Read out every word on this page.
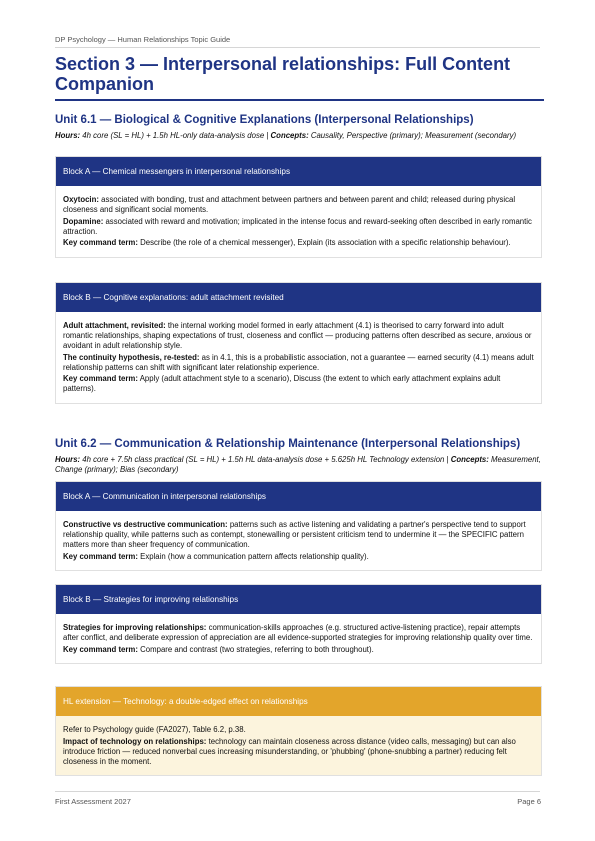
DP Psychology — Human Relationships Topic Guide
Section 3 — Interpersonal relationships: Full Content Companion
Unit 6.1 — Biological & Cognitive Explanations (Interpersonal Relationships)
Hours: 4h core (SL = HL) + 1.5h HL-only data-analysis dose | Concepts: Causality, Perspective (primary); Measurement (secondary)
Block A — Chemical messengers in interpersonal relationships

Oxytocin: associated with bonding, trust and attachment between partners and between parent and child; released during physical closeness and significant social moments.

Dopamine: associated with reward and motivation; implicated in the intense focus and reward-seeking often described in early romantic attraction.

Key command term: Describe (the role of a chemical messenger), Explain (its association with a specific relationship behaviour).

Block B — Cognitive explanations: adult attachment revisited

Adult attachment, revisited: the internal working model formed in early attachment (4.1) is theorised to carry forward into adult romantic relationships, shaping expectations of trust, closeness and conflict — producing patterns often described as secure, anxious or avoidant in adult relationship style.

The continuity hypothesis, re-tested: as in 4.1, this is a probabilistic association, not a guarantee — earned security (4.1) means adult relationship patterns can shift with significant later relationship experience.

Key command term: Apply (adult attachment style to a scenario), Discuss (the extent to which early attachment explains adult patterns).

Unit 6.2 — Communication & Relationship Maintenance (Interpersonal Relationships)
Hours: 4h core + 7.5h class practical (SL = HL) + 1.5h HL data-analysis dose + 5.625h HL Technology extension | Concepts: Measurement, Change (primary); Bias (secondary)
Block A — Communication in interpersonal relationships

Constructive vs destructive communication: patterns such as active listening and validating a partner's perspective tend to support relationship quality, while patterns such as contempt, stonewalling or persistent criticism tend to undermine it — the SPECIFIC pattern matters more than sheer frequency of communication.

Key command term: Explain (how a communication pattern affects relationship quality).

Block B — Strategies for improving relationships

Strategies for improving relationships: communication-skills approaches (e.g. structured active-listening practice), repair attempts after conflict, and deliberate expression of appreciation are all evidence-supported strategies for improving relationship quality over time.

Key command term: Compare and contrast (two strategies, referring to both throughout).

HL extension — Technology: a double-edged effect on relationships

Refer to Psychology guide (FA2027), Table 6.2, p.38.

Impact of technology on relationships: technology can maintain closeness across distance (video calls, messaging) but can also introduce friction — reduced nonverbal cues increasing misunderstanding, or 'phubbing' (phone-snubbing a partner) reducing felt closeness in the moment.

First Assessment 2027	Page 6
